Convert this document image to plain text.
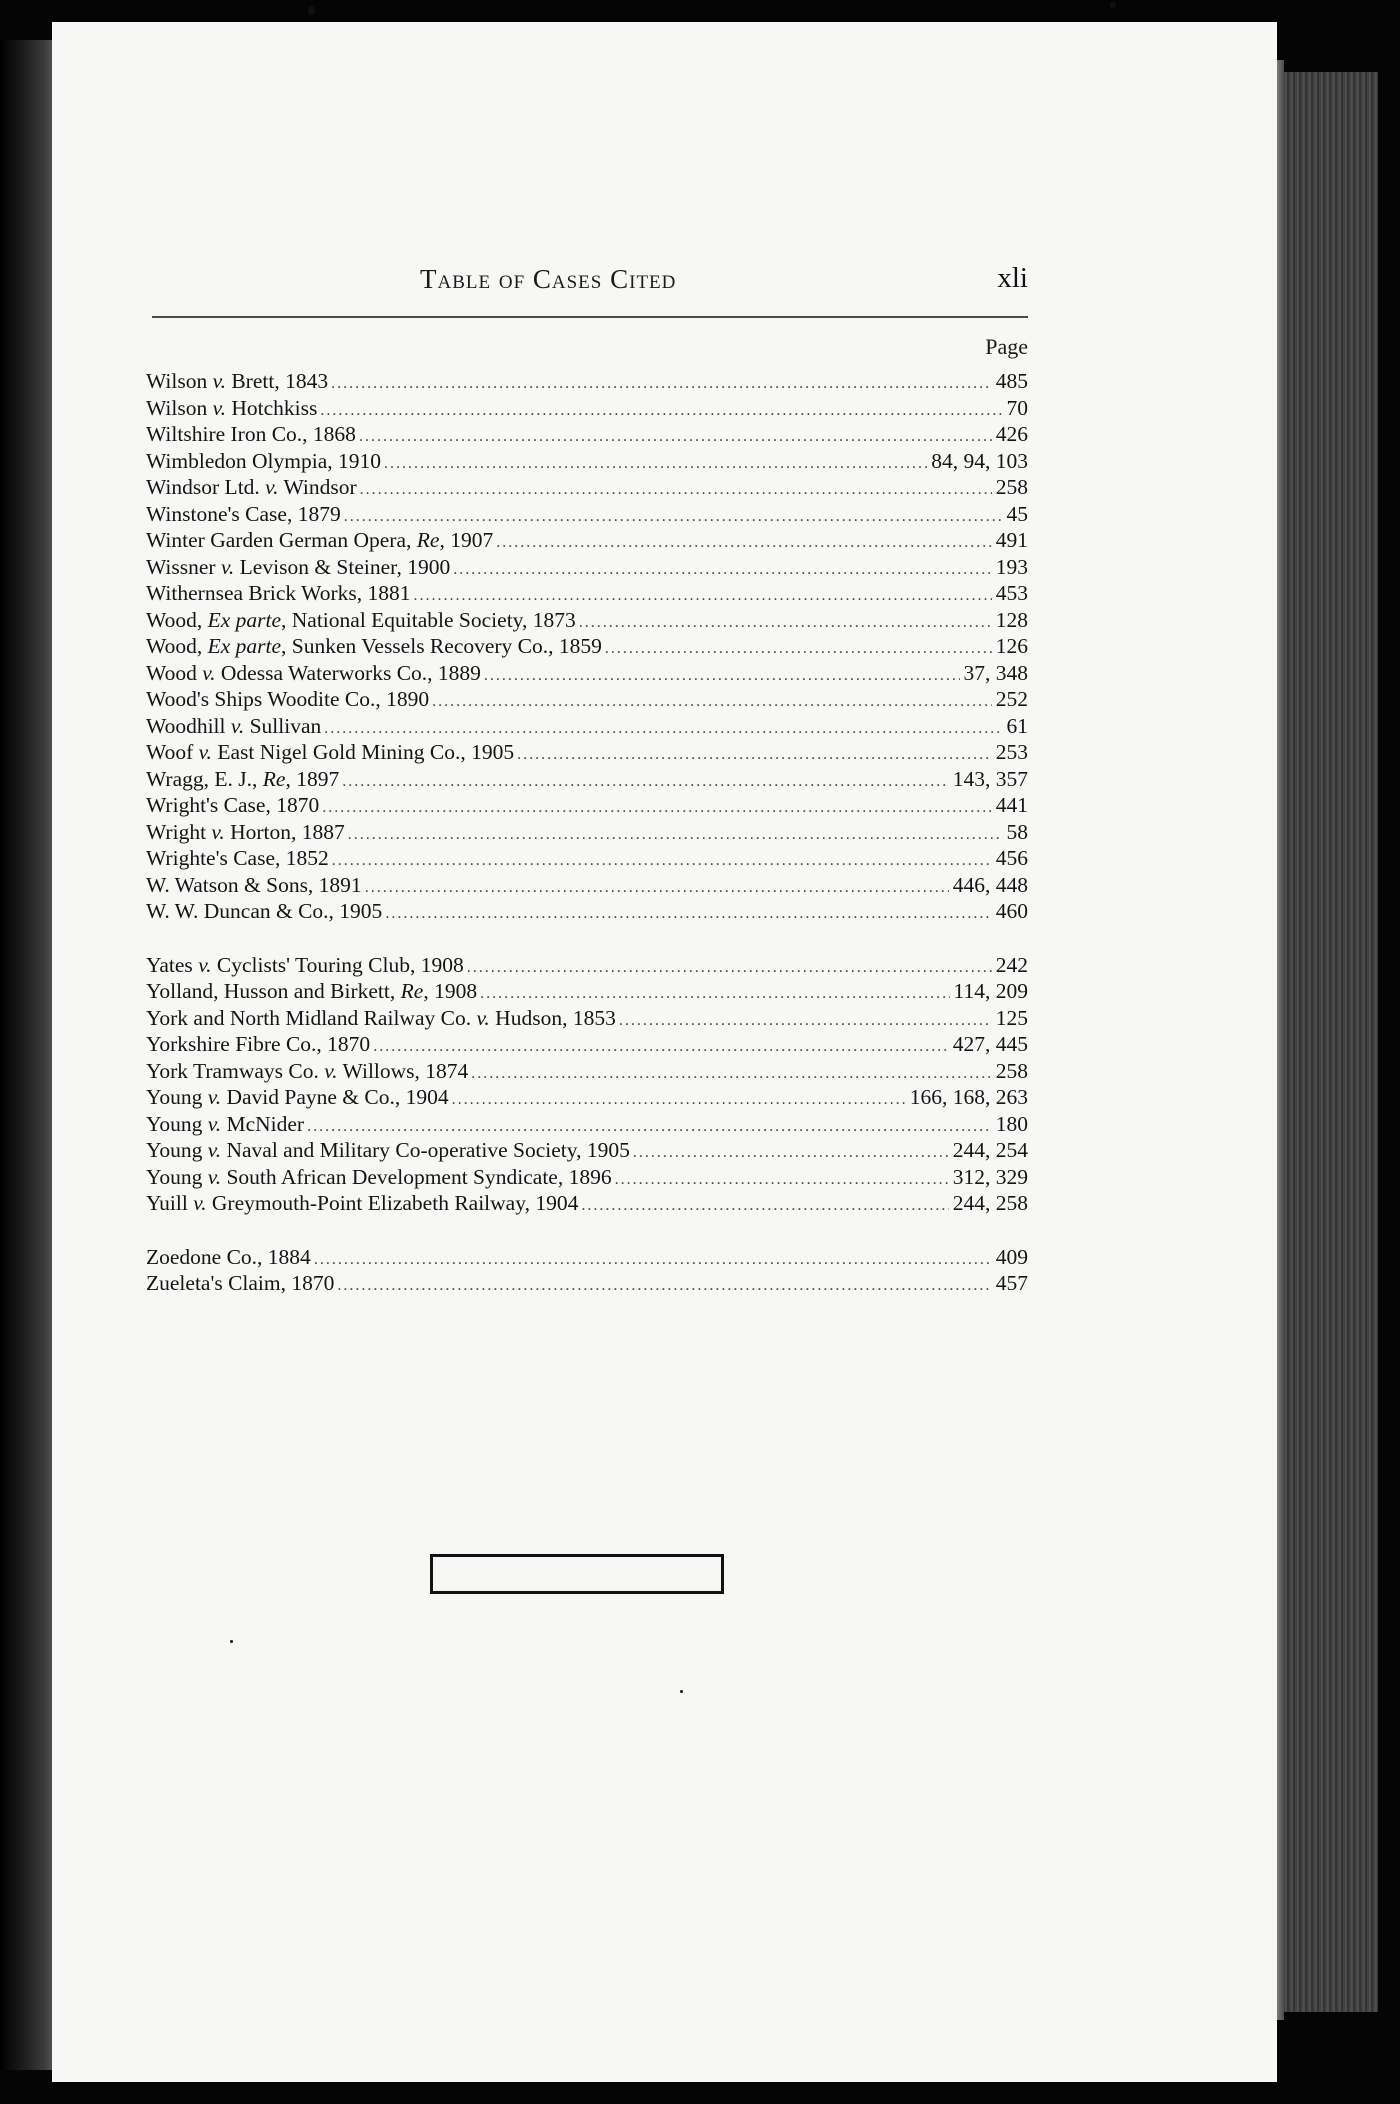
Table of Cases Cited	xli
Page
Wilson v. Brett, 1843 . . .	485
Wilson v. Hotchkiss . . .	70
Wiltshire Iron Co., 1868 . . .	426
Wimbledon Olympia, 1910 . . .	84, 94, 103
Windsor Ltd. v. Windsor . . .	258
Winstone's Case, 1879 . . .	45
Winter Garden German Opera, Re, 1907 . . .	491
Wissner v. Levison & Steiner, 1900 . . .	193
Withernsea Brick Works, 1881 . . .	453
Wood, Ex parte, National Equitable Society, 1873 . . .	128
Wood, Ex parte, Sunken Vessels Recovery Co., 1859 . . .	126
Wood v. Odessa Waterworks Co., 1889 . . .	37, 348
Wood's Ships Woodite Co., 1890 . . .	252
Woodhill v. Sullivan . . .	61
Woof v. East Nigel Gold Mining Co., 1905 . . .	253
Wragg, E. J., Re, 1897 . . .	143, 357
Wright's Case, 1870 . . .	441
Wright v. Horton, 1887 . . .	58
Wrighte's Case, 1852 . . .	456
W. Watson & Sons, 1891 . . .	446, 448
W. W. Duncan & Co., 1905 . . .	460
Yates v. Cyclists' Touring Club, 1908 . . .	242
Yolland, Husson and Birkett, Re, 1908 . . .	114, 209
York and North Midland Railway Co. v. Hudson, 1853 . . .	125
Yorkshire Fibre Co., 1870 . . .	427, 445
York Tramways Co. v. Willows, 1874 . . .	258
Young v. David Payne & Co., 1904 . . .	166, 168, 263
Young v. McNider . . .	180
Young v. Naval and Military Co-operative Society, 1905 . . .	244, 254
Young v. South African Development Syndicate, 1896 . . .	312, 329
Yuill v. Greymouth-Point Elizabeth Railway, 1904 . . .	244, 258
Zoedone Co., 1884 . . .	409
Zueleta's Claim, 1870 . . .	457
